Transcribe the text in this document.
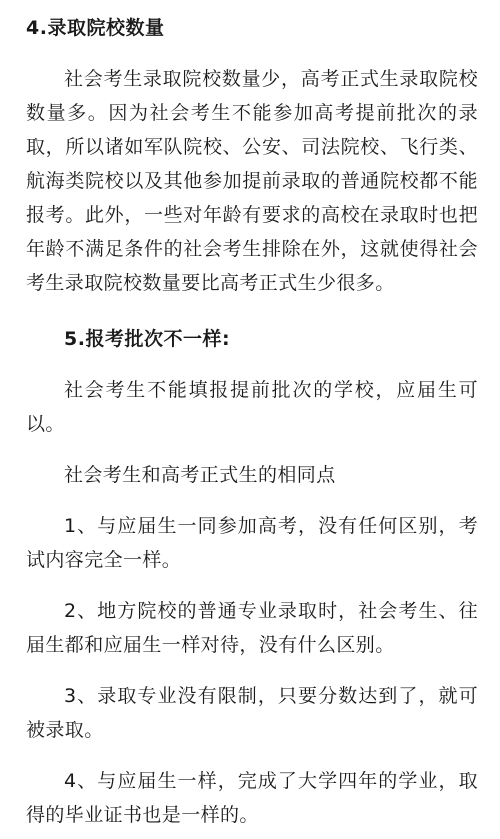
4.录取院校数量

社会考生录取院校数量少，高考正式生录取院校数量多。因为社会考生不能参加高考提前批次的录取，所以诸如军队院校、公安、司法院校、飞行类、航海类院校以及其他参加提前录取的普通院校都不能报考。此外，一些对年龄有要求的高校在录取时也把年龄不满足条件的社会考生排除在外，这就使得社会考生录取院校数量要比高考正式生少很多。

5.报考批次不一样:

社会考生不能填报提前批次的学校，应届生可以。

社会考生和高考正式生的相同点

1、与应届生一同参加高考，没有任何区别，考试内容完全一样。

2、地方院校的普通专业录取时，社会考生、往届生都和应届生一样对待，没有什么区别。

3、录取专业没有限制，只要分数达到了，就可被录取。

4、与应届生一样，完成了大学四年的学业，取得的毕业证书也是一样的。
